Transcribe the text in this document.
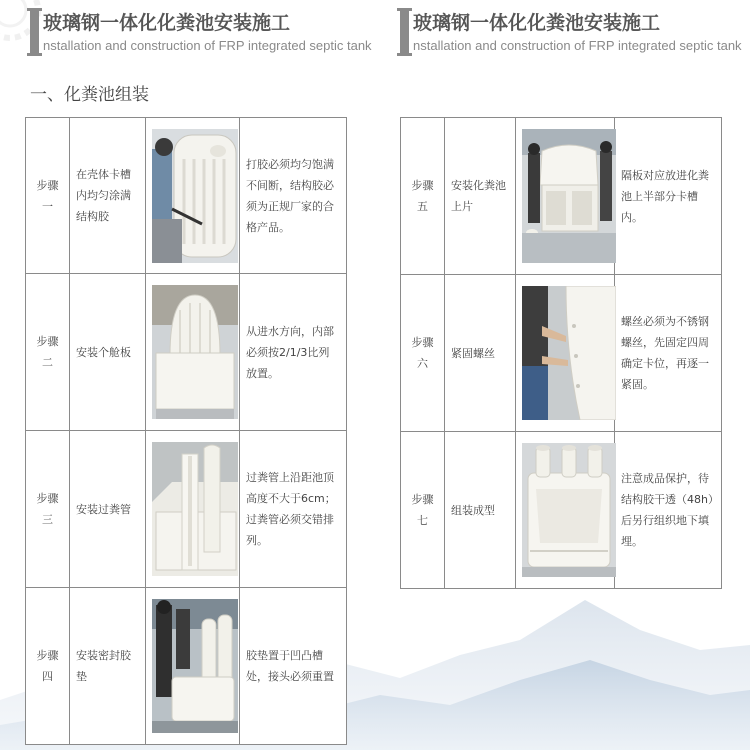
玻璃钢一体化化粪池安装施工
nstallation and construction of FRP integrated septic tank
玻璃钢一体化化粪池安装施工
nstallation and construction of FRP integrated septic tank
一、化粪池组装
步骤一	在壳体卡槽内均匀涂满结构胶		打胶必须均匀饱满不间断，结构胶必须为正规厂家的合格产品。
步骤二	安装个舱板		从进水方向，内部必须按2/1/3比列放置。
步骤三	安装过粪管		过粪管上沿距池顶高度不大于6cm；过粪管必须交错排列。
步骤四	安装密封胶垫		胶垫置于凹凸槽处，接头必须重置
步骤五	安装化粪池上片		隔板对应放进化粪池上半部分卡槽内。
步骤六	紧固螺丝		螺丝必须为不锈钢螺丝，先固定四周确定卡位，再逐一紧固。
步骤七	组装成型		注意成品保护，待结构胶干透（48h）后另行组织地下填埋。
